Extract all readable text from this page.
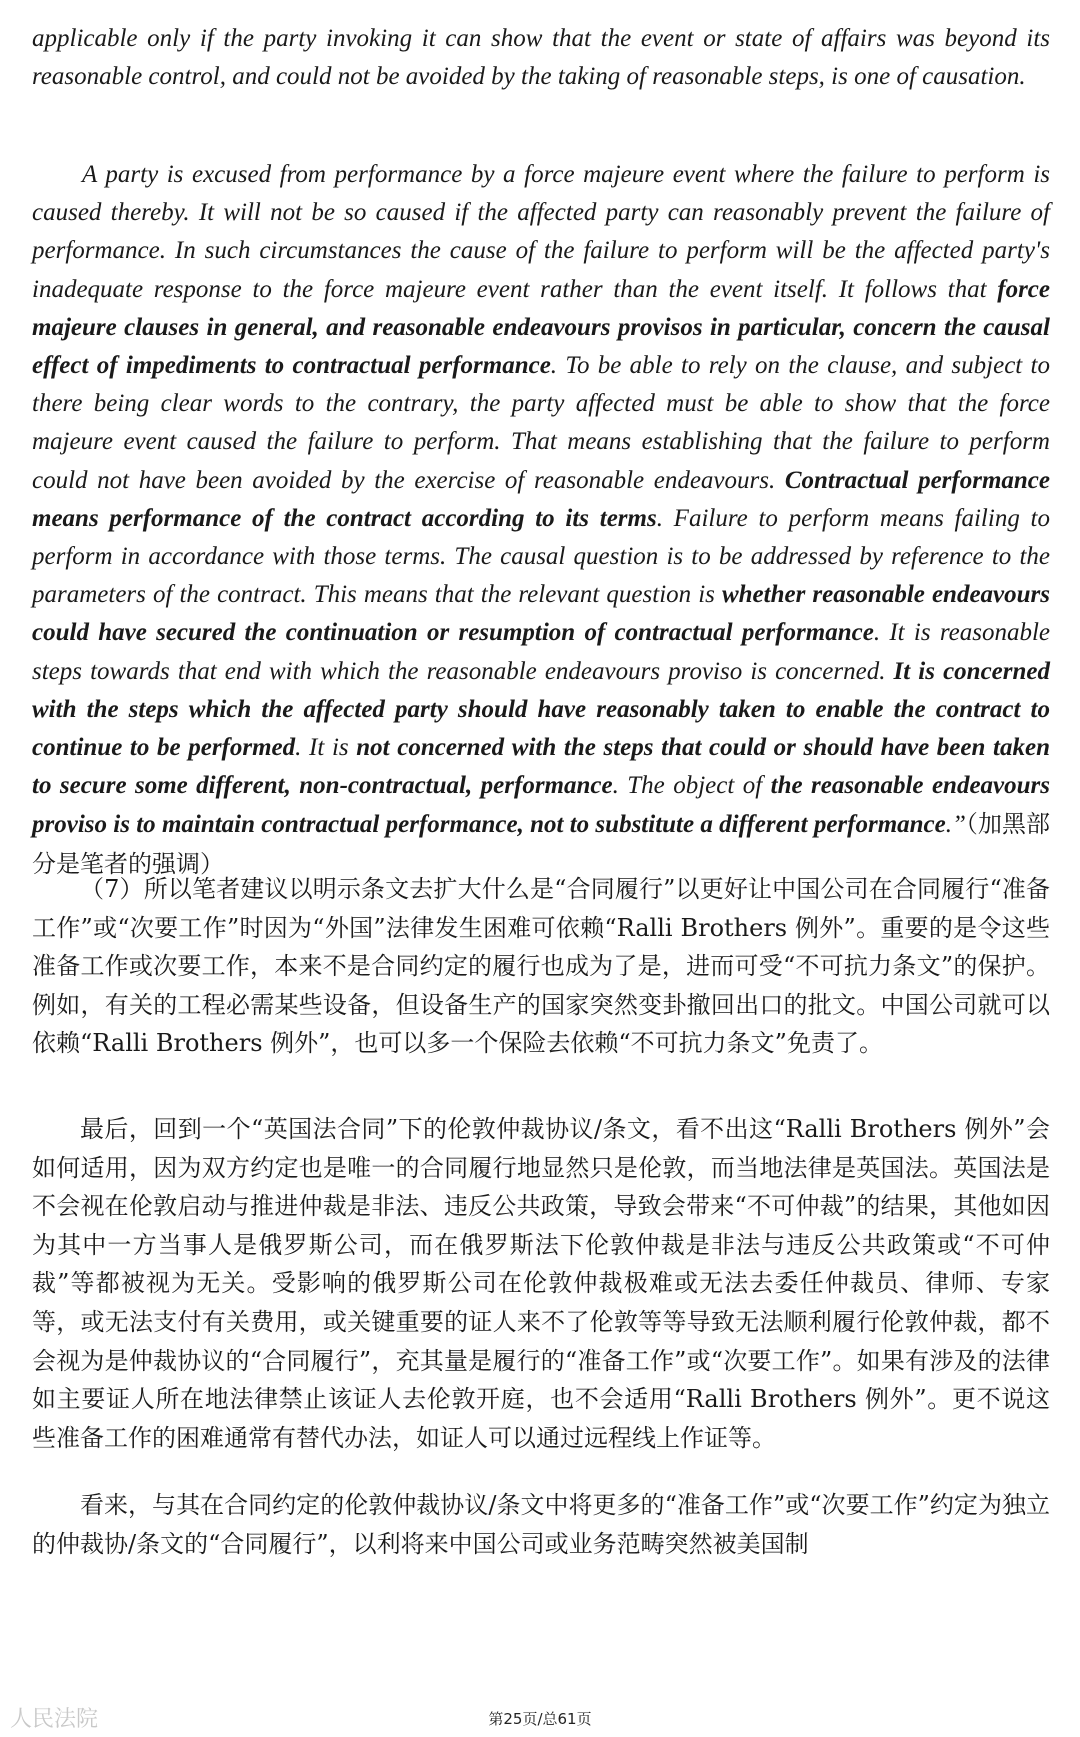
applicable only if the party invoking it can show that the event or state of affairs was beyond its reasonable control, and could not be avoided by the taking of reasonable steps, is one of causation.

A party is excused from performance by a force majeure event where the failure to perform is caused thereby. It will not be so caused if the affected party can reasonably prevent the failure of performance. In such circumstances the cause of the failure to perform will be the affected party's inadequate response to the force majeure event rather than the event itself. It follows that force majeure clauses in general, and reasonable endeavours provisos in particular, concern the causal effect of impediments to contractual performance. To be able to rely on the clause, and subject to there being clear words to the contrary, the party affected must be able to show that the force majeure event caused the failure to perform. That means establishing that the failure to perform could not have been avoided by the exercise of reasonable endeavours. Contractual performance means performance of the contract according to its terms. Failure to perform means failing to perform in accordance with those terms. The causal question is to be addressed by reference to the parameters of the contract. This means that the relevant question is whether reasonable endeavours could have secured the continuation or resumption of contractual performance. It is reasonable steps towards that end with which the reasonable endeavours proviso is concerned. It is concerned with the steps which the affected party should have reasonably taken to enable the contract to continue to be performed. It is not concerned with the steps that could or should have been taken to secure some different, non-contractual, performance. The object of the reasonable endeavours proviso is to maintain contractual performance, not to substitute a different performance.”（加黑部分是笔者的强调）

（7）所以笔者建议以明示条文去扩大什么是“合同履行”以更好让中国公司在合同履行“准备工作”或“次要工作”时因为“外国”法律发生困难可依赖“Ralli Brothers 例外”。重要的是令这些准备工作或次要工作，本来不是合同约定的履行也成为了是，进而可受“不可抗力条文”的保护。例如，有关的工程必需某些设备，但设备生产的国家突然变卦撤回出口的批文。中国公司就可以依赖“Ralli Brothers 例外”，也可以多一个保险去依赖“不可抗力条文”免责了。

最后，回到一个“英国法合同”下的伦敦仲裁协议/条文，看不出这“Ralli Brothers 例外”会如何适用，因为双方约定也是唯一的合同履行地显然只是伦敦，而当地法律是英国法。英国法是不会视在伦敦启动与推进仲裁是非法、违反公共政策，导致会带来“不可仲裁”的结果，其他如因为其中一方当事人是俄罗斯公司，而在俄罗斯法下伦敦仲裁是非法与违反公共政策或“不可仲裁”等都被视为无关。受影响的俄罗斯公司在伦敦仲裁极难或无法去委任仲裁员、律师、专家等，或无法支付有关费用，或关键重要的证人来不了伦敦等等导致无法顺利履行伦敦仲裁，都不会视为是仲裁协议的“合同履行”，充其量是履行的“准备工作”或“次要工作”。如果有涉及的法律如主要证人所在地法律禁止该证人去伦敦开庭，也不会适用“Ralli Brothers 例外”。更不说这些准备工作的困难通常有替代办法，如证人可以通过远程线上作证等。

看来，与其在合同约定的伦敦仲裁协议/条文中将更多的“准备工作”或“次要工作”约定为独立的仲裁协/条文的“合同履行”，以利将来中国公司或业务范畴突然被美国制

人民法院	第25页/总61页
